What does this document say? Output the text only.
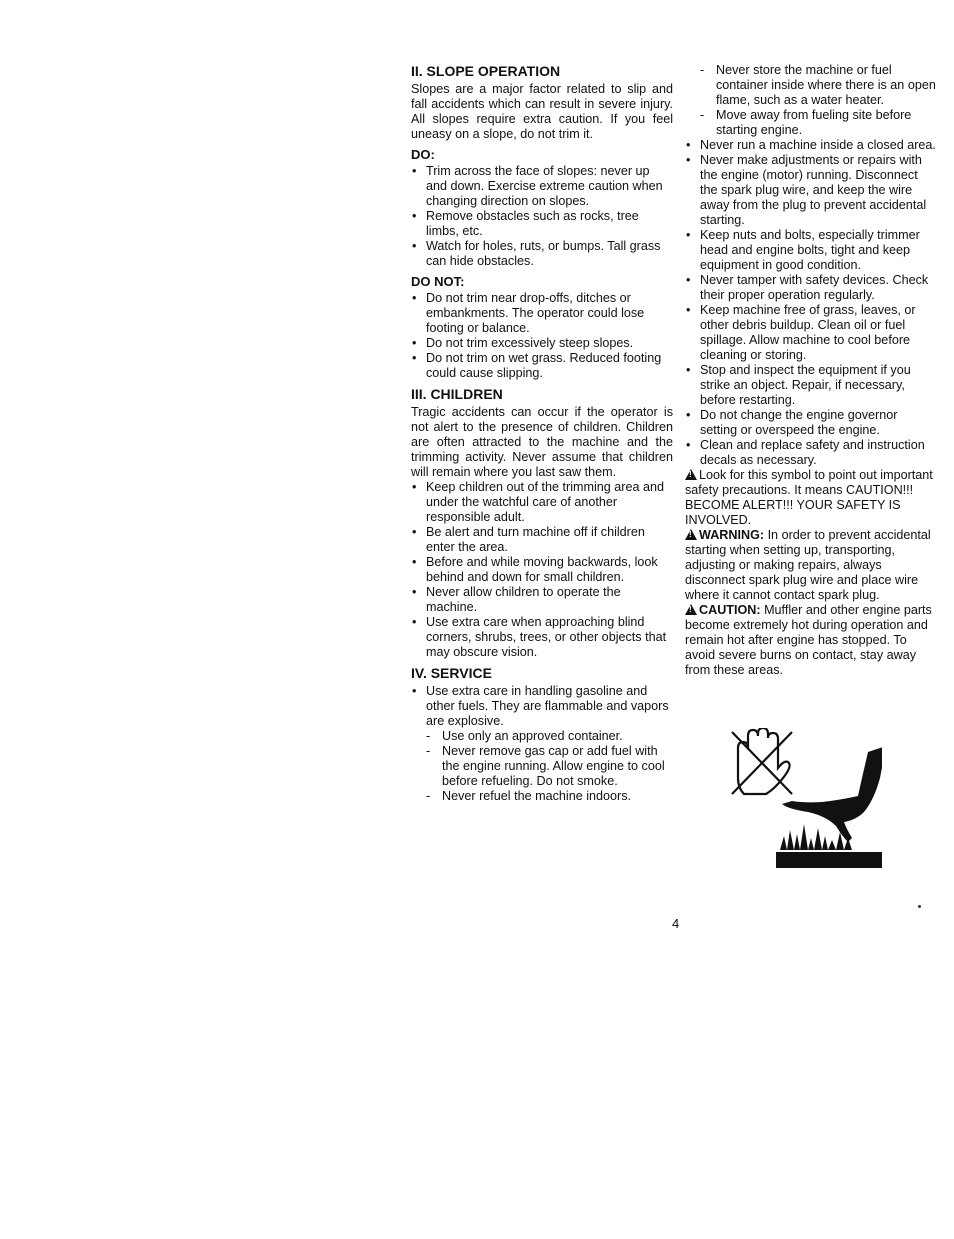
II. SLOPE OPERATION

Slopes are a major factor related to slip and fall accidents which can result in severe injury. All slopes require extra caution. If you feel uneasy on a slope, do not trim it.

DO:
• Trim across the face of slopes: never up and down. Exercise extreme caution when changing direction on slopes.
• Remove obstacles such as rocks, tree limbs, etc.
• Watch for holes, ruts, or bumps. Tall grass can hide obstacles.
DO NOT:
• Do not trim near drop-offs, ditches or embankments. The operator could lose footing or balance.
• Do not trim excessively steep slopes.
• Do not trim on wet grass. Reduced footing could cause slipping.
III. CHILDREN

Tragic accidents can occur if the operator is not alert to the presence of children. Children are often attracted to the machine and the trimming activity. Never assume that children will remain where you last saw them.

• Keep children out of the trimming area and under the watchful care of another responsible adult.
• Be alert and turn machine off if children enter the area.
• Before and while moving backwards, look behind and down for small children.
• Never allow children to operate the machine.
• Use extra care when approaching blind corners, shrubs, trees, or other objects that may obscure vision.
IV. SERVICE
• Use extra care in handling gasoline and other fuels. They are flammable and vapors are explosive.
- Use only an approved container.
- Never remove gas cap or add fuel with the engine running. Allow engine to cool before refueling. Do not smoke.
- Never refuel the machine indoors.
- Never store the machine or fuel container inside where there is an open flame, such as a water heater.
- Move away from fueling site before starting engine.
• Never run a machine inside a closed area.
• Never make adjustments or repairs with the engine (motor) running. Disconnect the spark plug wire, and keep the wire away from the plug to prevent accidental starting.
• Keep nuts and bolts, especially trimmer head and engine bolts, tight and keep equipment in good condition.
• Never tamper with safety devices. Check their proper operation regularly.
• Keep machine free of grass, leaves, or other debris buildup. Clean oil or fuel spillage. Allow machine to cool before cleaning or storing.
• Stop and inspect the equipment if you strike an object. Repair, if necessary, before restarting.
• Do not change the engine governor setting or overspeed the engine.
• Clean and replace safety and instruction decals as necessary.

!Look for this symbol to point out important safety precautions. It means CAUTION!!! BECOME ALERT!!! YOUR SAFETY IS INVOLVED.

!WARNING: In order to prevent accidental starting when setting up, transporting, adjusting or making repairs, always disconnect spark plug wire and place wire where it cannot contact spark plug.

!CAUTION: Muffler and other engine parts become extremely hot during operation and remain hot after engine has stopped. To avoid severe burns on contact, stay away from these areas.

4
